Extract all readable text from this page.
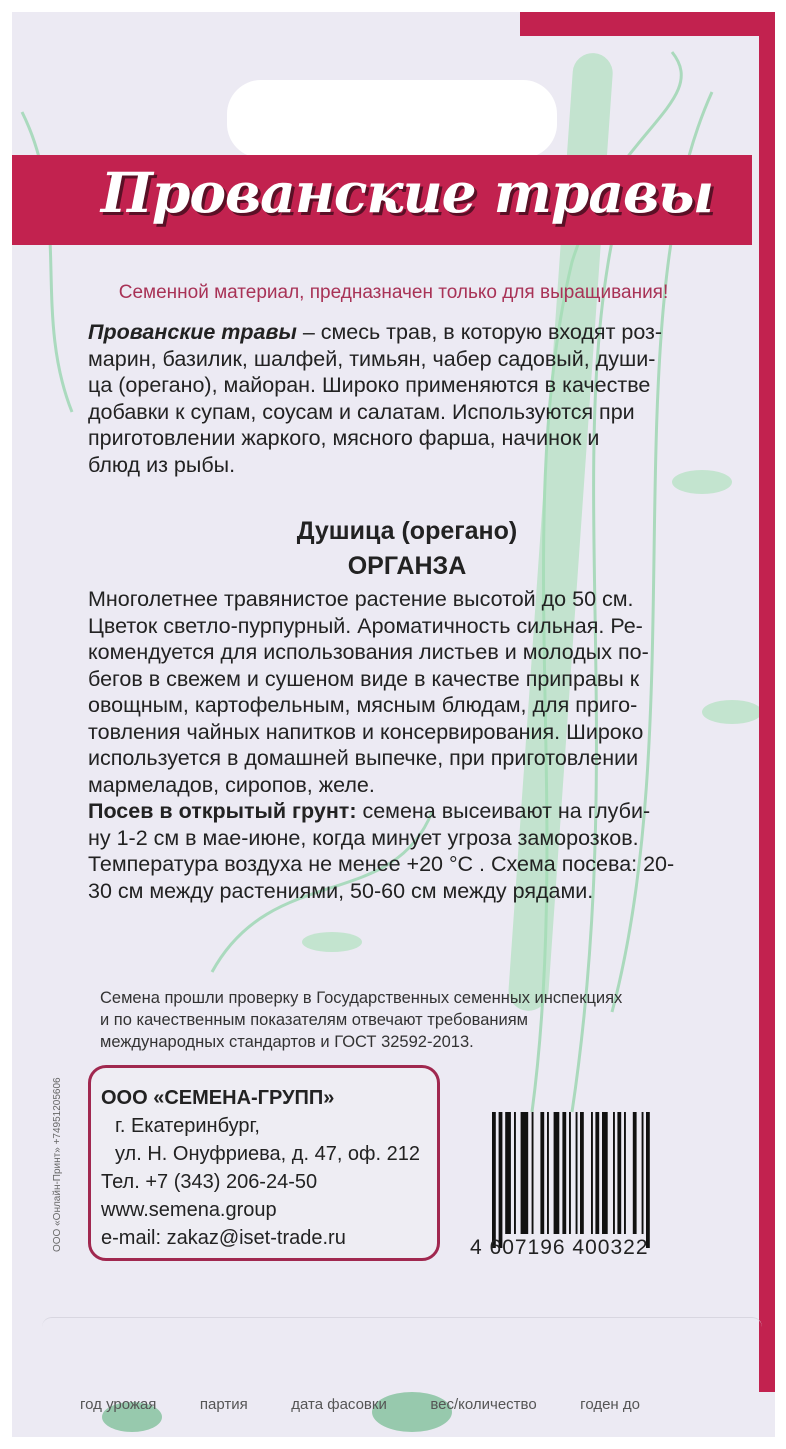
Прованские травы
Семенной материал, предназначен только для выращивания!
Прованские травы – смесь трав, в которую входят роз-
марин, базилик, шалфей, тимьян, чабер садовый, души-
ца (орегано), майоран. Широко применяются в качестве
добавки к супам, соусам и салатам. Используются при
приготовлении жаркого, мясного фарша, начинок и
блюд из рыбы.
Душица (орегано)
ОРГАНЗА
Многолетнее травянистое растение высотой до 50 см.
Цветок светло-пурпурный. Ароматичность сильная. Ре-
комендуется для использования листьев и молодых по-
бегов в свежем и сушеном виде в качестве приправы к
овощным, картофельным, мясным блюдам, для приго-
товления чайных напитков и консервирования. Широко
используется в домашней выпечке, при приготовлении
мармеладов, сиропов, желе.
Посев в открытый грунт: семена высеивают на глуби-
ну 1-2 см в мае-июне, когда минует угроза заморозков.
Температура воздуха не менее +20 °С . Схема посева: 20-
30 см между растениями, 50-60 см между рядами.
Семена прошли проверку в Государственных семенных инспекциях
и по качественным показателям отвечают требованиям
международных стандартов и ГОСТ 32592-2013.
ООО «Онлайн-Принт» +74951205606 ООО «СЕМЕНА-ГРУПП»
г. Екатеринбург,
ул. Н. Онуфриева, д. 47, оф. 212
Тел. +7 (343) 206-24-50
www.semena.group
e-mail: zakaz@iset-trade.ru	4 607196 400322
год урожая	партия	дата фасовки	вес/количество	годен до
